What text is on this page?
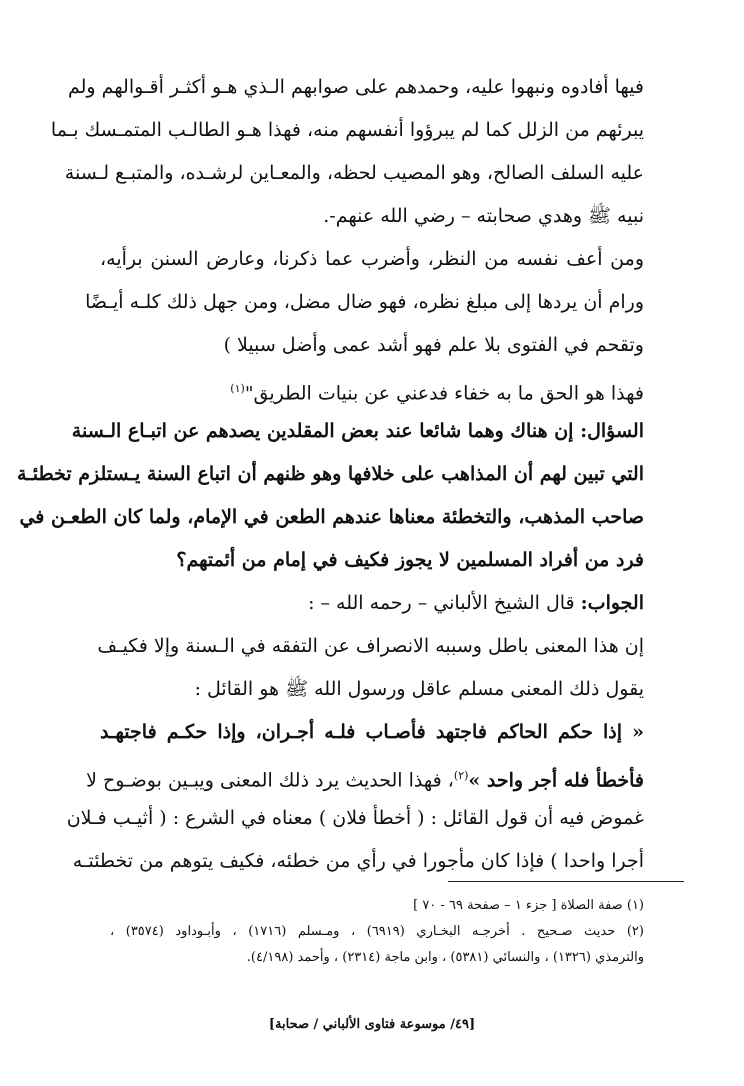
فيها أفادوه ونبهوا عليه، وحمدهم على صوابهم الـذي هـو أكثـر أقـوالهم ولم
يبرئهم من الزلل كما لم يبرؤوا أنفسهم منه، فهذا هـو الطالـب المتمـسك بـما
عليه السلف الصالح، وهو المصيب لحظه، والمعـاين لرشـده، والمتبـع لـسنة
نبيه ﷺ وهدي صحابته – رضي الله عنهم-.
ومن أعف نفسه من النظر، وأضرب عما ذكرنا، وعارض السنن برأيه،
ورام أن يردها إلى مبلغ نظره، فهو ضال مضل، ومن جهل ذلك كلـه أيـضًا
وتقحم في الفتوى بلا علم فهو أشد عمى وأضل سبيلا )
فهذا هو الحق ما به خفاء فدعني عن بنيات الطريق"$^{(١)}$
السؤال: إن هناك وهما شائعا عند بعض المقلدين يصدهم عن اتبـاع الـسنة
التي تبين لهم أن المذاهب على خلافها وهو ظنهم أن اتباع السنة يـستلزم تخطئـة
صاحب المذهب، والتخطئة معناها عندهم الطعن في الإمام، ولما كان الطعـن في
فرد من أفراد المسلمين لا يجوز فكيف في إمام من أئمتهم؟
الجواب: قال الشيخ الألباني – رحمه الله – :
إن هذا المعنى باطل وسببه الانصراف عن التفقه في الـسنة وإلا فكيـف
يقول ذلك المعنى مسلم عاقل ورسول الله ﷺ هو القائل :
« إذا حكم الحاكم فاجتهد فأصـاب فلـه أجـران، وإذا حكـم فاجتهـد
فأخطأ فله أجر واحد »$^{(٢)}$، فهذا الحديث يرد ذلك المعنى ويبـين بوضـوح لا
غموض فيه أن قول القائل : ( أخطأ فلان ) معناه في الشرع : ( أثيـب فـلان
أجرا واحدا ) فإذا كان مأجورا في رأي من خطئه، فكيف يتوهم من تخطئتـه
(١) صفة الصلاة [ جزء ١ – صفحة ٦٩ - ٧٠ ]
(٢) حديث صـحيح . أخرجـه البخـاري (٦٩١٩) ، ومـسلم (١٧١٦) ، وأبـوداود (٣٥٧٤) ،
والترمذي (١٣٢٦) ، والنسائي (٥٣٨١) ، وابن ماجة (٢٣١٤) ، وأحمد (٤/١٩٨).
[٤٩/ موسوعة فتاوى الألباني / صحابة]
